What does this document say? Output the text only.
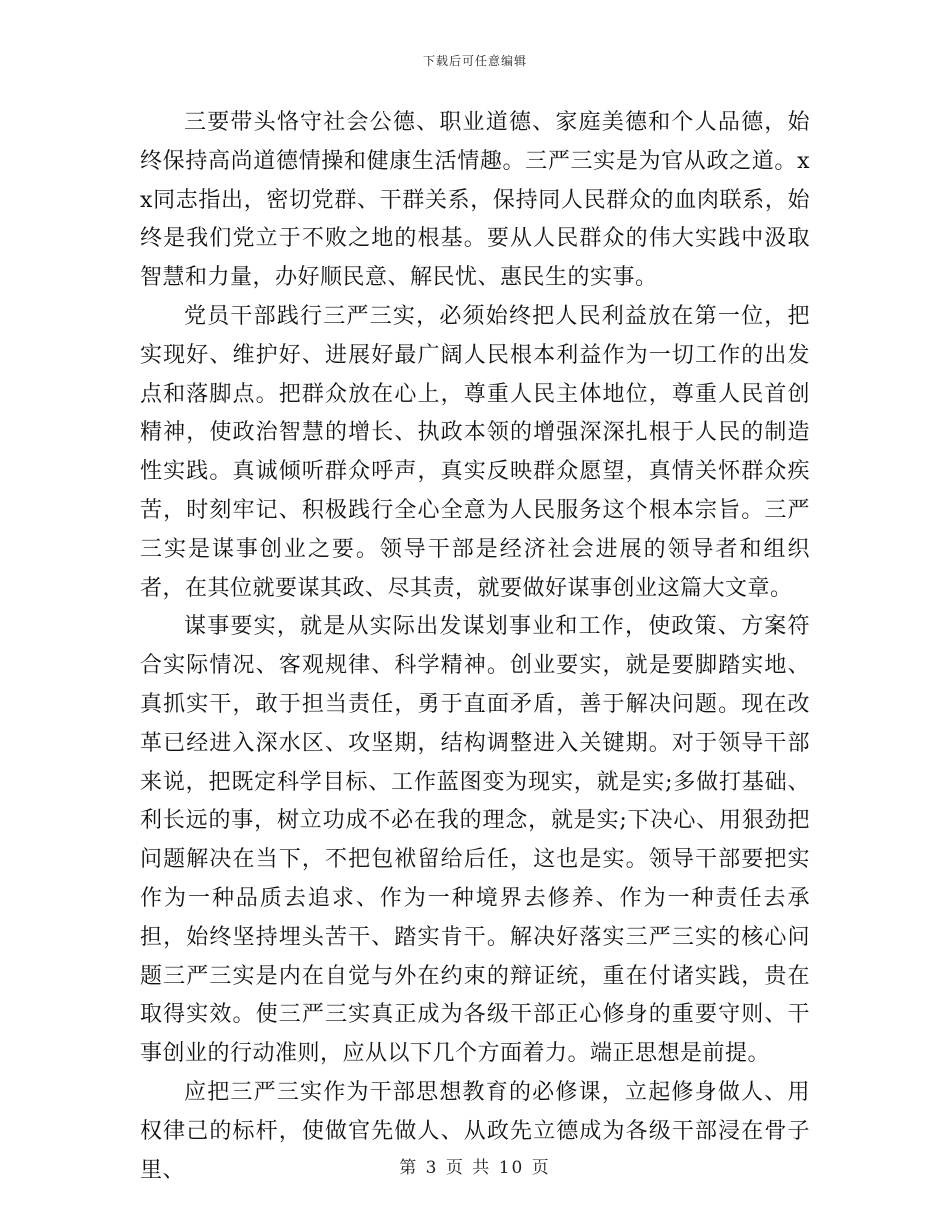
下载后可任意编辑

三要带头恪守社会公德、职业道德、家庭美德和个人品德，始终保持高尚道德情操和健康生活情趣。三严三实是为官从政之道。xx同志指出，密切党群、干群关系，保持同人民群众的血肉联系，始终是我们党立于不败之地的根基。要从人民群众的伟大实践中汲取智慧和力量，办好顺民意、解民忧、惠民生的实事。

党员干部践行三严三实，必须始终把人民利益放在第一位，把实现好、维护好、进展好最广阔人民根本利益作为一切工作的出发点和落脚点。把群众放在心上，尊重人民主体地位，尊重人民首创精神，使政治智慧的增长、执政本领的增强深深扎根于人民的制造性实践。真诚倾听群众呼声，真实反映群众愿望，真情关怀群众疾苦，时刻牢记、积极践行全心全意为人民服务这个根本宗旨。三严三实是谋事创业之要。领导干部是经济社会进展的领导者和组织者，在其位就要谋其政、尽其责，就要做好谋事创业这篇大文章。

谋事要实，就是从实际出发谋划事业和工作，使政策、方案符合实际情况、客观规律、科学精神。创业要实，就是要脚踏实地、真抓实干，敢于担当责任，勇于直面矛盾，善于解决问题。现在改革已经进入深水区、攻坚期，结构调整进入关键期。对于领导干部来说，把既定科学目标、工作蓝图变为现实，就是实;多做打基础、利长远的事，树立功成不必在我的理念，就是实;下决心、用狠劲把问题解决在当下，不把包袱留给后任，这也是实。领导干部要把实作为一种品质去追求、作为一种境界去修养、作为一种责任去承担，始终坚持埋头苦干、踏实肯干。解决好落实三严三实的核心问题三严三实是内在自觉与外在约束的辩证统，重在付诸实践，贵在取得实效。使三严三实真正成为各级干部正心修身的重要守则、干事创业的行动准则，应从以下几个方面着力。端正思想是前提。

应把三严三实作为干部思想教育的必修课，立起修身做人、用权律己的标杆，使做官先做人、从政先立德成为各级干部浸在骨子里、	第 3 页 共 10 页
